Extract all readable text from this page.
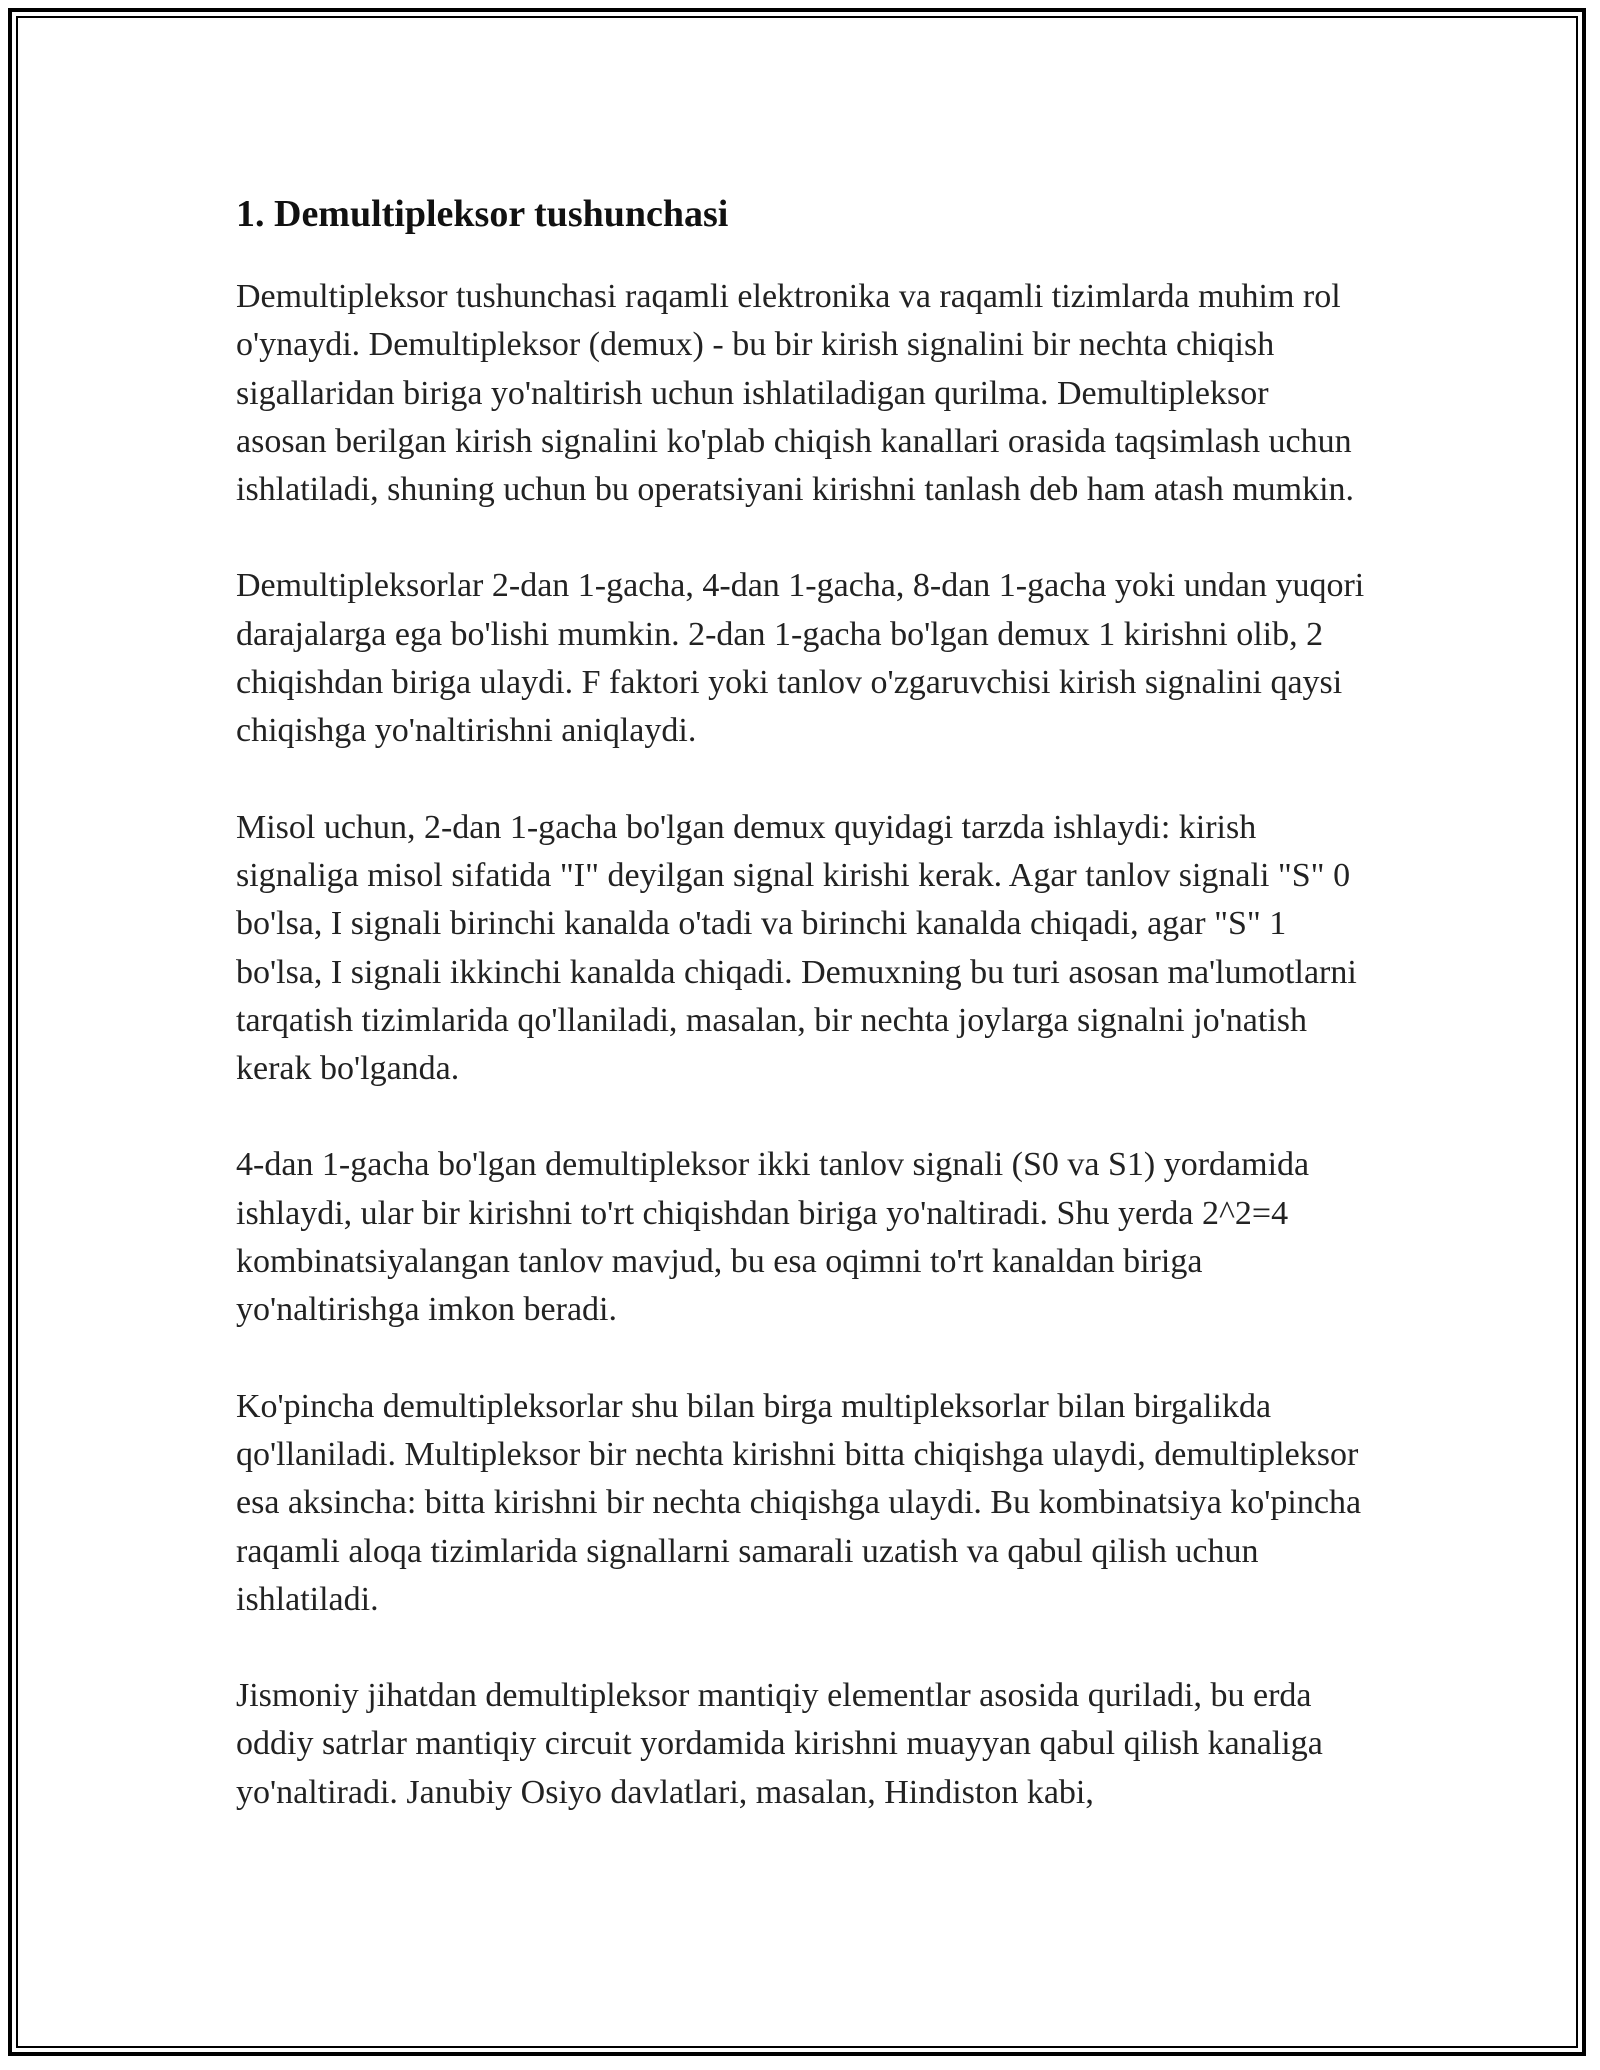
1. Demultipleksor tushunchasi

Demultipleksor tushunchasi raqamli elektronika va raqamli tizimlarda muhim rol o'ynaydi. Demultipleksor (demux) - bu bir kirish signalini bir nechta chiqish sigallaridan biriga yo'naltirish uchun ishlatiladigan qurilma. Demultipleksor asosan berilgan kirish signalini ko'plab chiqish kanallari orasida taqsimlash uchun ishlatiladi, shuning uchun bu operatsiyani kirishni tanlash deb ham atash mumkin.

Demultipleksorlar 2-dan 1-gacha, 4-dan 1-gacha, 8-dan 1-gacha yoki undan yuqori darajalarga ega bo'lishi mumkin. 2-dan 1-gacha bo'lgan demux 1 kirishni olib, 2 chiqishdan biriga ulaydi. F faktori yoki tanlov o'zgaruvchisi kirish signalini qaysi chiqishga yo'naltirishni aniqlaydi.

Misol uchun, 2-dan 1-gacha bo'lgan demux quyidagi tarzda ishlaydi: kirish signaliga misol sifatida "I" deyilgan signal kirishi kerak. Agar tanlov signali "S" 0 bo'lsa, I signali birinchi kanalda o'tadi va birinchi kanalda chiqadi, agar "S" 1 bo'lsa, I signali ikkinchi kanalda chiqadi. Demuxning bu turi asosan ma'lumotlarni tarqatish tizimlarida qo'llaniladi, masalan, bir nechta joylarga signalni jo'natish kerak bo'lganda.

4-dan 1-gacha bo'lgan demultipleksor ikki tanlov signali (S0 va S1) yordamida ishlaydi, ular bir kirishni to'rt chiqishdan biriga yo'naltiradi. Shu yerda 2^2=4 kombinatsiyalangan tanlov mavjud, bu esa oqimni to'rt kanaldan biriga yo'naltirishga imkon beradi.

Ko'pincha demultipleksorlar shu bilan birga multipleksorlar bilan birgalikda qo'llaniladi. Multipleksor bir nechta kirishni bitta chiqishga ulaydi, demultipleksor esa aksincha: bitta kirishni bir nechta chiqishga ulaydi. Bu kombinatsiya ko'pincha raqamli aloqa tizimlarida signallarni samarali uzatish va qabul qilish uchun ishlatiladi.

Jismoniy jihatdan demultipleksor mantiqiy elementlar asosida quriladi, bu erda oddiy satrlar mantiqiy circuit yordamida kirishni muayyan qabul qilish kanaliga yo'naltiradi. Janubiy Osiyo davlatlari, masalan, Hindiston kabi,
